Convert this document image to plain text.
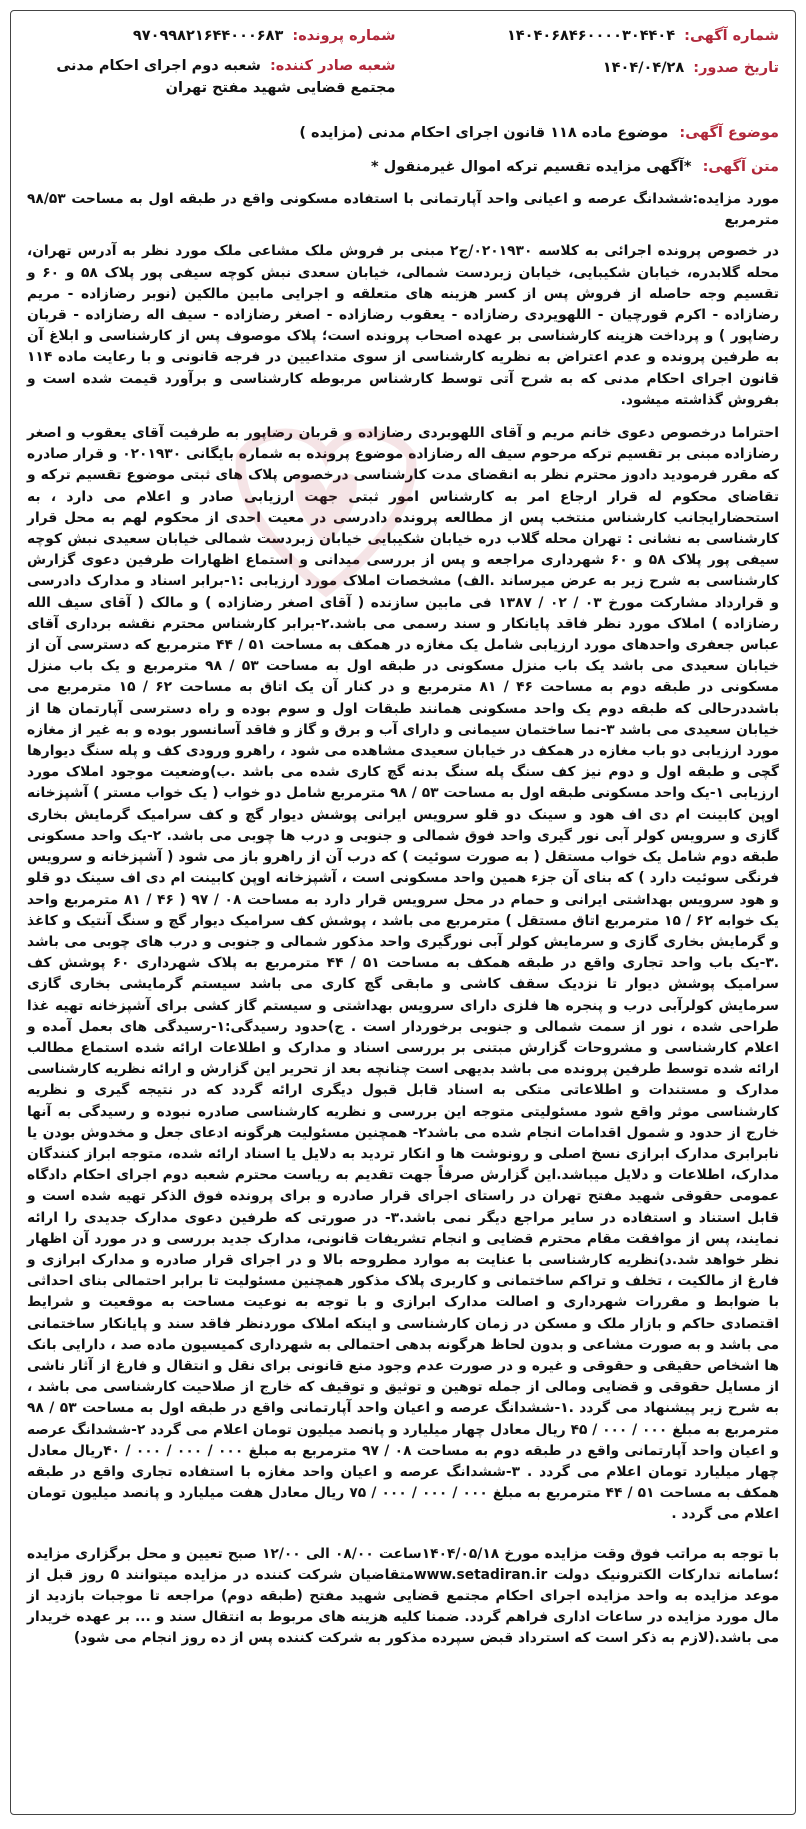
شماره آگهی: ۱۴۰۴۰۶۸۴۶۰۰۰۰۳۰۴۴۰۴
تاریخ صدور: ۱۴۰۴/۰۴/۲۸
شماره پرونده: ۹۷۰۹۹۸۲۱۶۴۴۰۰۰۶۸۳
شعبه صادر کننده: شعبه دوم اجرای احکام مدنی مجتمع قضایی شهید مفتح تهران
موضوع آگهی: موضوع ماده ۱۱۸ قانون اجرای احکام مدنی (مزایده )
متن آگهی: *آگهی مزایده تقسیم ترکه اموال غیرمنقول *

مورد مزایده:ششدانگ عرصه و اعیانی واحد آپارتمانی با استفاده مسکونی واقع در طبقه اول به مساحت ۹۸/۵۳ مترمربع

در خصوص پرونده اجرائی به کلاسه ۰۲۰۱۹۳۰/ج۲ مبنی بر فروش ملک مشاعی ملک مورد نظر به آدرس تهران، محله گلابدره، خیابان شکیبایی، خیابان زبردست شمالی، خیابان سعدی نبش کوچه سیفی پور پلاک ۵۸ و ۶۰ و تقسیم وجه حاصله از فروش پس از کسر هزینه های متعلقه و اجرایی مابین مالکین (نوبر رضازاده - مریم رضازاده - اکرم قورچیان - اللهویردی رضازاده - یعقوب رضازاده - اصغر رضازاده - سیف اله رضازاده - قربان رضاپور ) و پرداخت هزینه کارشناسی بر عهده اصحاب پرونده است؛ پلاک موصوف پس از کارشناسی و ابلاغ آن به طرفین پرونده و عدم اعتراض به نظریه کارشناسی از سوی متداعیین در فرجه قانونی و با رعایت ماده ۱۱۴ قانون اجرای احکام مدنی که به شرح آتی توسط کارشناس مربوطه کارشناسی و برآورد قیمت شده است و بفروش گذاشته میشود.

احتراما درخصوص دعوی خانم مریم و آقای اللهوبردی رضازاده و قربان رضاپور به طرفیت آقای یعقوب و اصغر رضازاده مبنی بر تقسیم ترکه مرحوم سیف اله رضازاده موضوع پرونده به شماره بایگانی ۰۲۰۱۹۳۰ و قرار صادره که مقرر فرمودید دادوز محترم نظر به انقضای مدت کارشناسی درخصوص پلاک های ثبتی موضوع تقسیم ترکه و تقاضای محکوم له قرار ارجاع امر به کارشناس امور ثبتی جهت ارزیابی صادر و اعلام می دارد ، به استحضارایجانب کارشناس منتخب پس از مطالعه پرونده دادرسی در معیت احدی از محکوم لهم به محل قرار کارشناسی به نشانی : تهران محله گلاب دره خیابان شکیبایی خیابان زبردست شمالی خیابان سعیدی نبش کوچه سیفی پور پلاک ۵۸ و ۶۰ شهرداری مراجعه و پس از بررسی میدانی و استماع اظهارات طرفین دعوی گزارش کارشناسی به شرح زیر به عرض میرساند .الف) مشخصات املاک مورد ارزیابی :۱-برابر اسناد و مدارک دادرسی و قرارداد مشارکت مورخ ۰۳ / ۰۲ / ۱۳۸۷ فی مابین سازنده ( آقای اصغر رضازاده ) و مالک ( آقای سیف الله رضازاده ) املاک مورد نظر فاقد پایانکار و سند رسمی می باشد.۲-برابر کارشناس محترم نقشه برداری آقای عباس جعفری واحدهای مورد ارزیابی شامل یک مغازه در همکف به مساحت ۵۱ / ۴۴ مترمربع که دسترسی آن از خیابان سعیدی می باشد یک باب منزل مسکونی در طبقه اول به مساحت ۵۳ / ۹۸ مترمربع و یک باب منزل مسکونی در طبقه دوم به مساحت ۴۶ / ۸۱ مترمربع و در کنار آن یک اتاق به مساحت ۶۲ / ۱۵ مترمربع می باشددرحالی که طبقه دوم یک واحد مسکونی همانند طبقات اول و سوم بوده و راه دسترسی آپارتمان ها از خیابان سعیدی می باشد ۳-نما ساختمان سیمانی و دارای آب و برق و گاز و فاقد آسانسور بوده و به غیر از مغازه مورد ارزیابی دو باب مغازه در همکف در خیابان سعیدی مشاهده می شود ، راهرو ورودی کف و پله سنگ دیوارها گچی و طبقه اول و دوم نیز کف سنگ پله سنگ بدنه گچ کاری شده می باشد .ب)وضعیت موجود املاک مورد ارزیابی ۱-یک واحد مسکونی طبقه اول به مساحت ۵۳ / ۹۸ مترمربع شامل دو خواب ( یک خواب مستر ) آشپزخانه اوپن کابینت ام دی اف هود و سینک دو قلو سرویس ایرانی پوشش دیوار گچ و کف سرامیک گرمایش بخاری گازی و سرویس کولر آبی نور گیری واحد فوق شمالی و جنوبی و درب ها چوبی می باشد. ۲-یک واحد مسکونی طبقه دوم شامل یک خواب مستقل ( به صورت سوئیت ) که درب آن از راهرو باز می شود ( آشپزخانه و سرویس فرنگی سوئیت دارد ) که بنای آن جزء همین واحد مسکونی است ، آشپزخانه اوپن کابینت ام دی اف سینک دو قلو و هود سرویس بهداشتی ایرانی و حمام در محل سرویس قرار دارد به مساحت ۰۸ / ۹۷ ( ۴۶ / ۸۱ مترمربع واحد یک خوابه ۶۲ / ۱۵ مترمربع اتاق مستقل ) مترمربع می باشد ، پوشش کف سرامیک دیوار گچ و سنگ آنتیک و کاغذ و گرمایش بخاری گازی و سرمایش کولر آبی نورگیری واحد مذکور شمالی و جنوبی و درب های چوبی می باشد .۳-یک باب واحد تجاری واقع در طبقه همکف به مساحت ۵۱ / ۴۴ مترمربع به پلاک شهرداری ۶۰ پوشش کف سرامیک پوشش دیوار تا نزدیک سقف کاشی و مابقی گچ کاری می باشد سیستم گرمایشی بخاری گازی سرمایش کولرآبی درب و پنجره ها فلزی دارای سرویس بهداشتی و سیستم گاز کشی برای آشپزخانه تهیه غذا طراحی شده ، نور از سمت شمالی و جنوبی برخوردار است . ج)حدود رسیدگی:۱-رسیدگی های بعمل آمده و اعلام کارشناسی و مشروحات گزارش مبتنی بر بررسی اسناد و مدارک و اطلاعات ارائه شده استماع مطالب ارائه شده توسط طرفین پرونده می باشد بدیهی است چنانچه بعد از تحریر این گزارش و ارائه نظریه کارشناسی مدارک و مستندات و اطلاعاتی متکی به اسناد قابل قبول دیگری ارائه گردد که در نتیجه گیری و نظریه کارشناسی موثر واقع شود مسئولیتی متوجه این بررسی و نظریه کارشناسی صادره نبوده و رسیدگی به آنها خارج از حدود و شمول اقدامات انجام شده می باشد۲- همچنین مسئولیت هرگونه ادعای جعل و مخدوش بودن یا نابرابری مدارک ابرازی نسخ اصلی و رونوشت ها و انکار تردید به دلایل یا اسناد ارائه شده، متوجه ابراز کنندگان مدارک، اطلاعات و دلایل میباشد.این گزارش صرفاً جهت تقدیم به ریاست محترم شعبه دوم اجرای احکام دادگاه عمومی حقوقی شهید مفتح تهران در راستای اجرای قرار صادره و برای پرونده فوق الذکر تهیه شده است و قابل استناد و استفاده در سایر مراجع دیگر نمی باشد.۳- در صورتی که طرفین دعوی مدارک جدیدی را ارائه نمایند، پس از موافقت مقام محترم قضایی و انجام تشریفات قانونی، مدارک جدید بررسی و در مورد آن اظهار نظر خواهد شد.د)نظریه کارشناسی با عنایت به موارد مطروحه بالا و در اجرای قرار صادره و مدارک ابرازی و فارغ از مالکیت ، تخلف و تراکم ساختمانی و کاربری پلاک مذکور همچنین مسئولیت تا برابر احتمالی بنای احداثی با ضوابط و مقررات شهرداری و اصالت مدارک ابرازی و با توجه به نوعیت مساحت به موقعیت و شرایط اقتصادی حاکم و بازار ملک و مسکن در زمان کارشناسی و اینکه املاک موردنظر فاقد سند و پایانکار ساختمانی می باشد و به صورت مشاعی و بدون لحاظ هرگونه بدهی احتمالی به شهرداری کمیسیون ماده صد ، دارایی بانک ها اشخاص حقیقی و حقوقی و غیره و در صورت عدم وجود منع قانونی برای نقل و انتقال و فارغ از آثار ناشی از مسایل حقوقی و قضایی ومالی از جمله توهین و توثیق و توقیف که خارج از صلاحیت کارشناسی می باشد ، به شرح زیر پیشنهاد می گردد .۱-ششدانگ عرصه و اعیان واحد آپارتمانی واقع در طبقه اول به مساحت ۵۳ / ۹۸ مترمربع به مبلغ ۰۰۰ / ۰۰۰ / ۴۵ ریال معادل چهار میلیارد و پانصد میلیون تومان اعلام می گردد ۲-ششدانگ عرصه و اعیان واحد آپارتمانی واقع در طبقه دوم به مساحت ۰۸ / ۹۷ مترمربع به مبلغ ۰۰۰ / ۰۰۰ / ۰۰۰ / ۴۰ریال معادل چهار میلیارد تومان اعلام می گردد . ۳-ششدانگ عرصه و اعیان واحد مغازه با استفاده تجاری واقع در طبقه همکف به مساحت ۵۱ / ۴۴ مترمربع به مبلغ ۰۰۰ / ۰۰۰ / ۰۰۰ / ۷۵ ریال معادل هفت میلیارد و پانصد میلیون تومان اعلام می گردد .

با توجه به مراتب فوق وقت مزایده مورخ ۱۴۰۴/۰۵/۱۸ساعت ۰۸/۰۰ الی ۱۲/۰۰ صبح تعیین و محل برگزاری مزایده ؛سامانه تدارکات الکترونیک دولت www.setadiran.irمتقاضیان شرکت کننده در مزایده میتوانند ۵ روز قبل از موعد مزایده به واحد مزایده اجرای احکام مجتمع قضایی شهید مفتح (طبقه دوم) مراجعه تا موجبات بازدید از مال مورد مزایده در ساعات اداری فراهم گردد. ضمنا کلیه هزینه های مربوط به انتقال سند و ... بر عهده خریدار می باشد.(لازم به ذکر است که استرداد قبض سپرده مذکور به شرکت کننده پس از ده روز انجام می شود)
